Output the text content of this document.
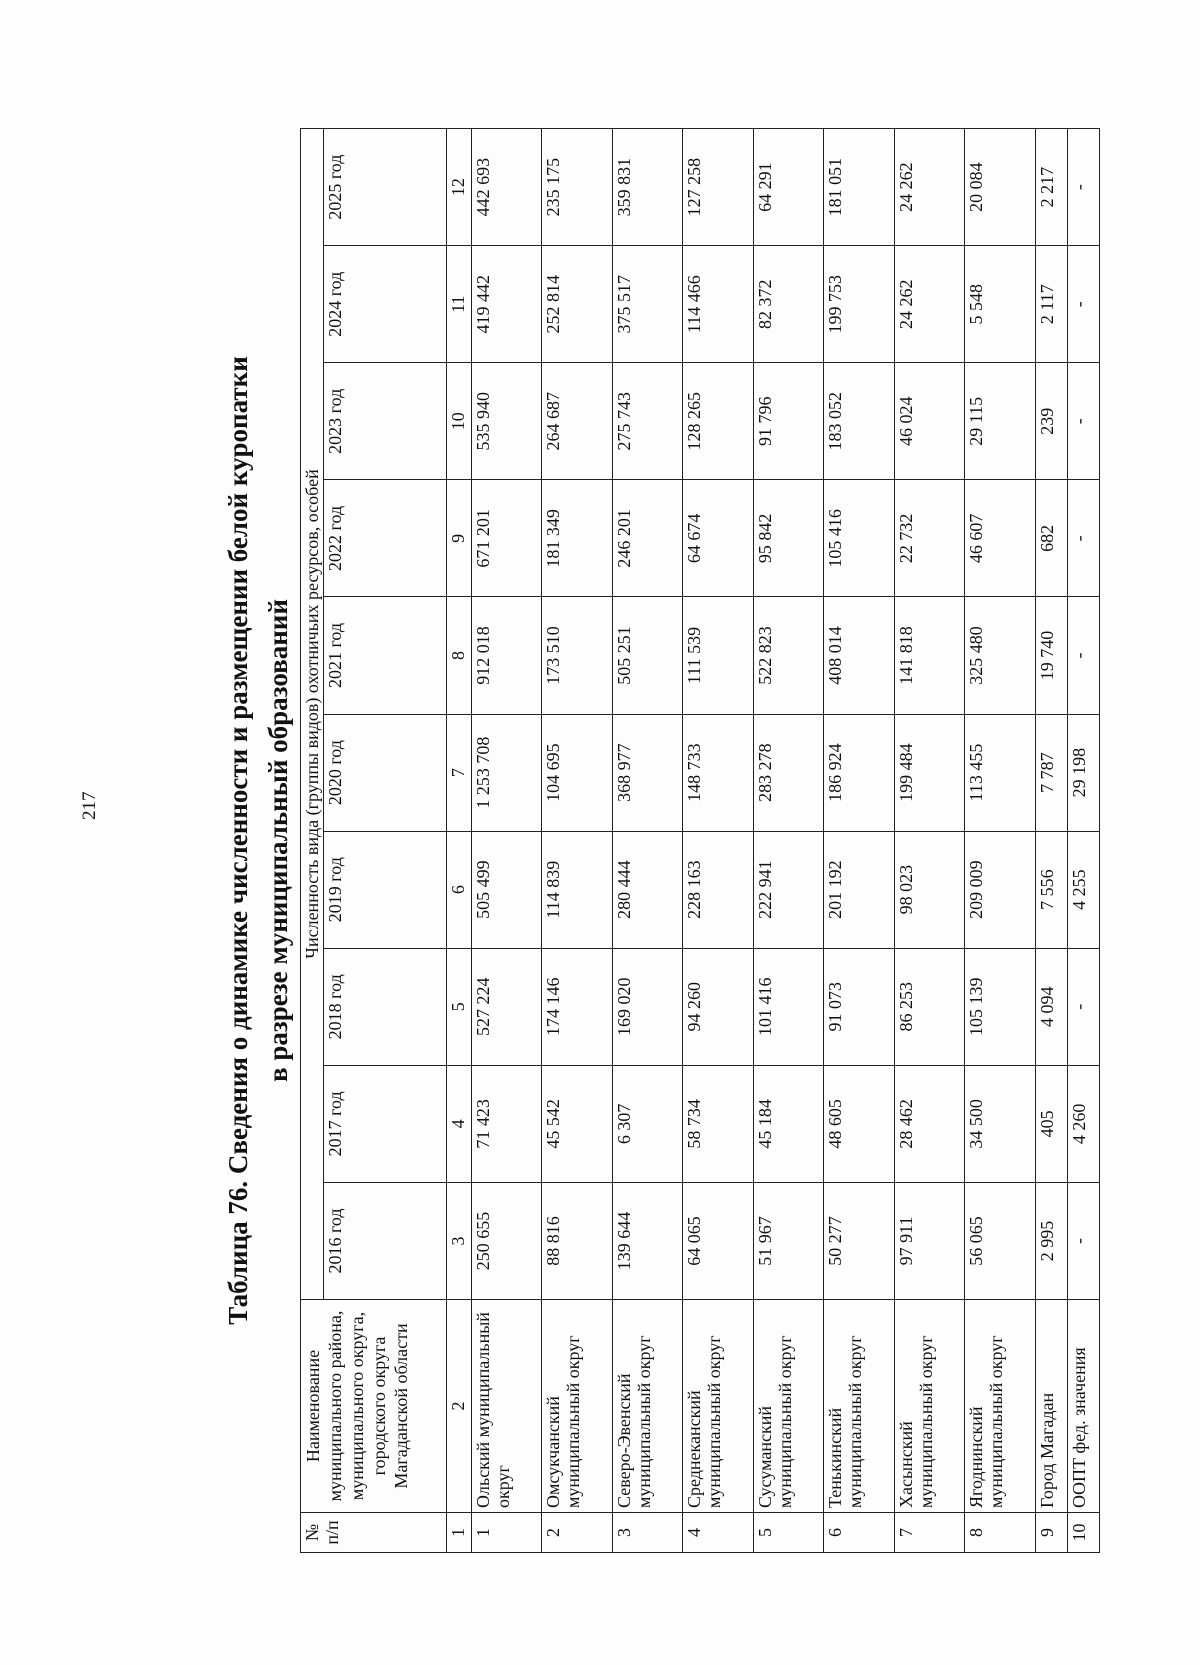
217	Таблица 76. Сведения о динамике численности и размещении белой куропатки в разрезе муниципальный образований
№ п/п	Наименование муниципального района, муниципального округа, городского округа Магаданской области	Численность вида (группы видов) охотничьих ресурсов, особей									
		2016 год	2017 год	2018 год	2019 год	2020 год	2021 год	2022 год	2023 год	2024 год	2025 год
1	2	3	4	5	6	7	8	9	10	11	12
1	Ольский муниципальный округ	250 655	71 423	527 224	505 499	1 253 708	912 018	671 201	535 940	419 442	442 693
2	Омсукчанский муниципальный округ	88 816	45 542	174 146	114 839	104 695	173 510	181 349	264 687	252 814	235 175
3	Северо-Эвенский муниципальный округ	139 644	6 307	169 020	280 444	368 977	505 251	246 201	275 743	375 517	359 831
4	Среднеканский муниципальный округ	64 065	58 734	94 260	228 163	148 733	111 539	64 674	128 265	114 466	127 258
5	Сусуманский муниципальный округ	51 967	45 184	101 416	222 941	283 278	522 823	95 842	91 796	82 372	64 291
6	Тенькинский муниципальный округ	50 277	48 605	91 073	201 192	186 924	408 014	105 416	183 052	199 753	181 051
7	Хасынский муниципальный округ	97 911	28 462	86 253	98 023	199 484	141 818	22 732	46 024	24 262	24 262
8	Ягоднинский муниципальный округ	56 065	34 500	105 139	209 009	113 455	325 480	46 607	29 115	5 548	20 084
9	Город Магадан	2 995	405	4 094	7 556	7 787	19 740	682	239	2 117	2 217
10	ООПТ фед. значения	-	4 260	-	4 255	29 198	-	-	-	-	-
